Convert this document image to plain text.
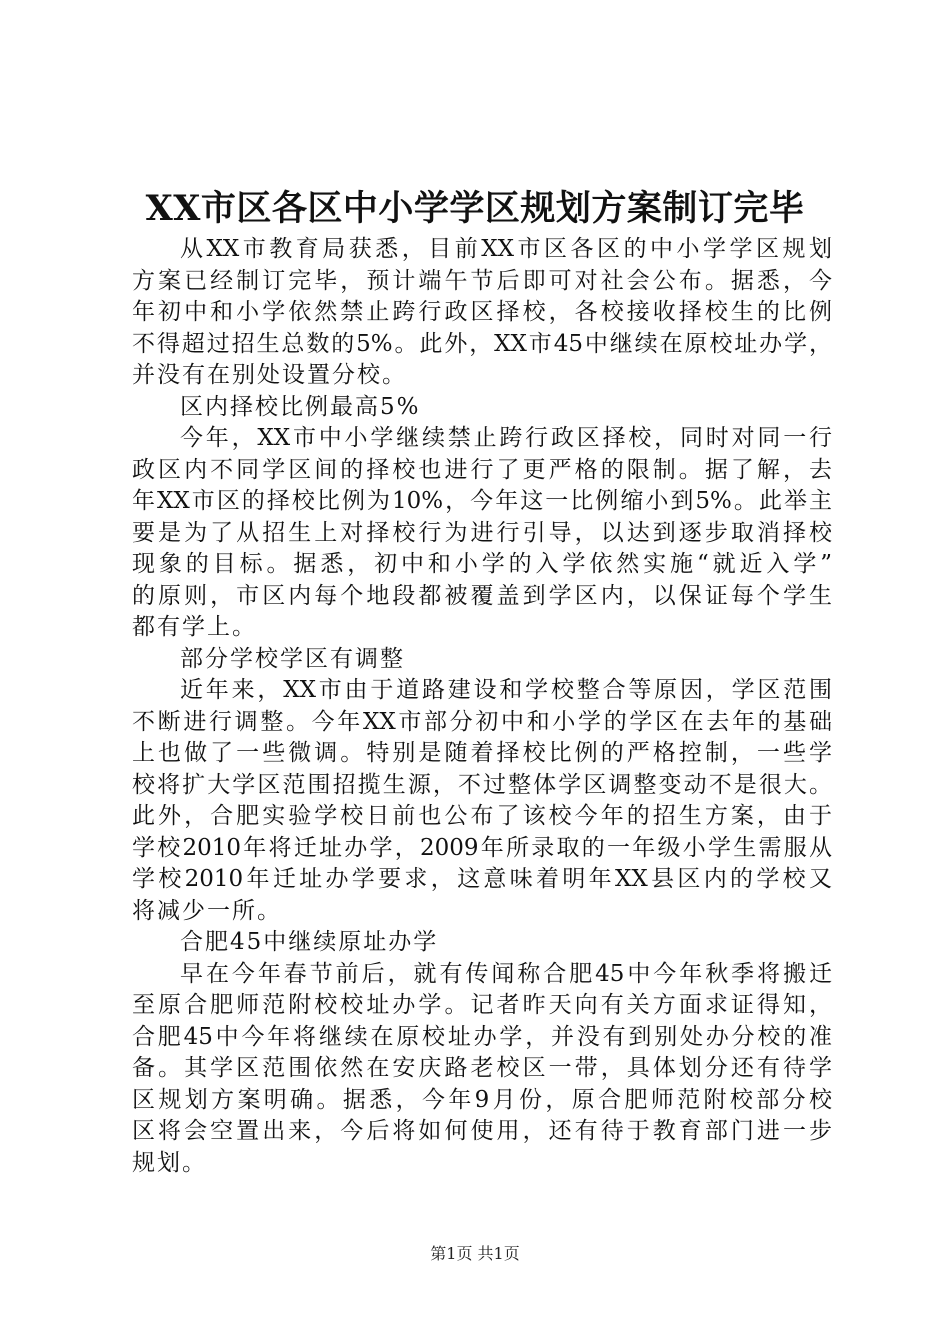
XX市区各区中小学学区规划方案制订完毕
从XX市教育局获悉，目前XX市区各区的中小学学区规划
方案已经制订完毕，预计端午节后即可对社会公布。据悉，今
年初中和小学依然禁止跨行政区择校，各校接收择校生的比例
不得超过招生总数的5%。此外，XX市45中继续在原校址办学，
并没有在别处设置分校。
区内择校比例最高5%
今年，XX市中小学继续禁止跨行政区择校，同时对同一行
政区内不同学区间的择校也进行了更严格的限制。据了解，去
年XX市区的择校比例为10%，今年这一比例缩小到5%。此举主
要是为了从招生上对择校行为进行引导，以达到逐步取消择校
现象的目标。据悉，初中和小学的入学依然实施“就近入学”
的原则，市区内每个地段都被覆盖到学区内，以保证每个学生
都有学上。
部分学校学区有调整
近年来，XX市由于道路建设和学校整合等原因，学区范围
不断进行调整。今年XX市部分初中和小学的学区在去年的基础
上也做了一些微调。特别是随着择校比例的严格控制，一些学
校将扩大学区范围招揽生源，不过整体学区调整变动不是很大。
此外，合肥实验学校日前也公布了该校今年的招生方案，由于
学校2010年将迁址办学，2009年所录取的一年级小学生需服从
学校2010年迁址办学要求，这意味着明年XX县区内的学校又
将减少一所。
合肥45中继续原址办学
早在今年春节前后，就有传闻称合肥45中今年秋季将搬迁
至原合肥师范附校校址办学。记者昨天向有关方面求证得知，
合肥45中今年将继续在原校址办学，并没有到别处办分校的准
备。其学区范围依然在安庆路老校区一带，具体划分还有待学
区规划方案明确。据悉，今年9月份，原合肥师范附校部分校
区将会空置出来，今后将如何使用，还有待于教育部门进一步
规划。
第1页 共1页
